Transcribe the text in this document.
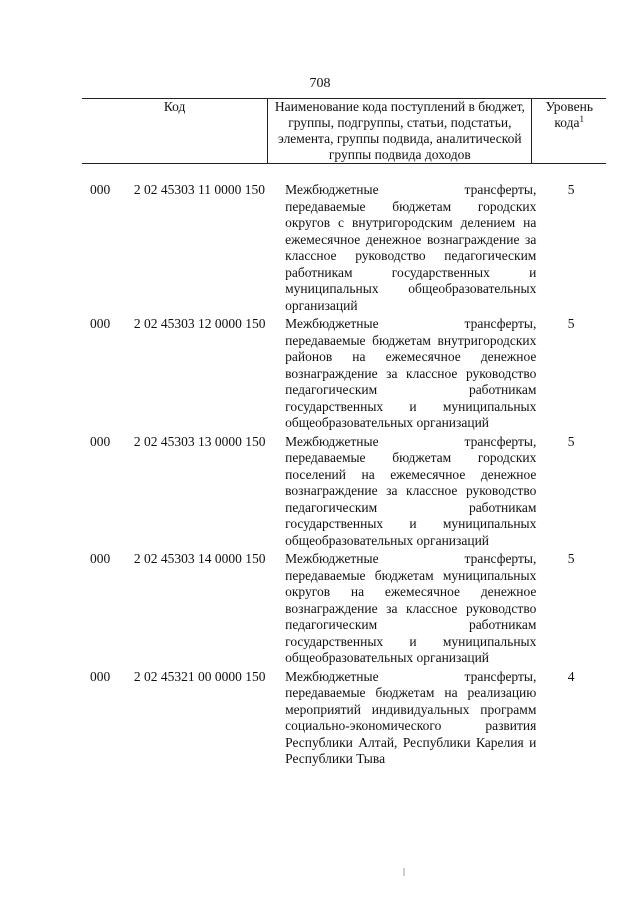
708
Код	Наименование кода поступлений в бюджет, группы, подгруппы, статьи, подстатьи, элемента, группы подвида, аналитической группы подвида доходов	Уровень кода$^1$
000	2 02 45303 11 0000 150	Межбюджетные трансферты, передаваемые бюджетам городских округов с внутригородским делением на ежемесячное денежное вознаграждение за классное руководство педагогическим работникам государственных и муниципальных общеобразовательных организаций	5
000	2 02 45303 12 0000 150	Межбюджетные трансферты, передаваемые бюджетам внутригородских районов на ежемесячное денежное вознаграждение за классное руководство педагогическим работникам государственных и муниципальных общеобразовательных организаций	5
000	2 02 45303 13 0000 150	Межбюджетные трансферты, передаваемые бюджетам городских поселений на ежемесячное денежное вознаграждение за классное руководство педагогическим работникам государственных и муниципальных общеобразовательных организаций	5
000	2 02 45303 14 0000 150	Межбюджетные трансферты, передаваемые бюджетам муниципальных округов на ежемесячное денежное вознаграждение за классное руководство педагогическим работникам государственных и муниципальных общеобразовательных организаций	5
000	2 02 45321 00 0000 150	Межбюджетные трансферты, передаваемые бюджетам на реализацию мероприятий индивидуальных программ социально-экономического развития Республики Алтай, Республики Карелия и Республики Тыва	4
